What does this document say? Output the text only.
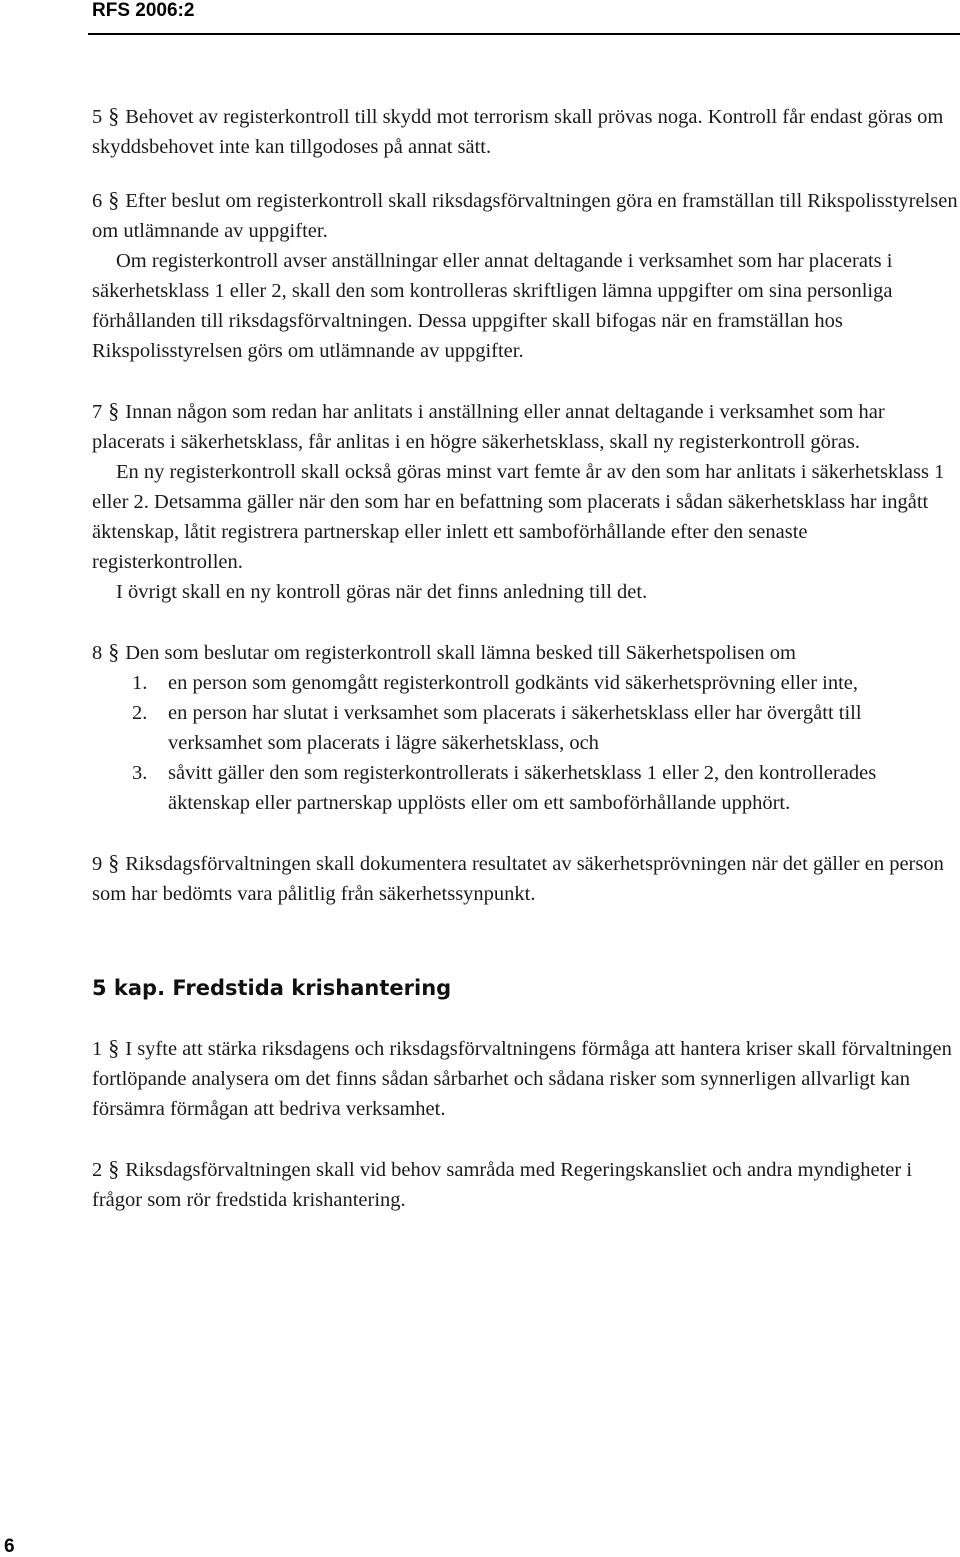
RFS 2006:2

5 § Behovet av registerkontroll till skydd mot terrorism skall prövas noga. Kontroll får endast göras om skyddsbehovet inte kan tillgodoses på annat sätt.

6 § Efter beslut om registerkontroll skall riksdagsförvaltningen göra en framställan till Rikspolisstyrelsen om utlämnande av uppgifter.

Om registerkontroll avser anställningar eller annat deltagande i verksamhet som har placerats i säkerhetsklass 1 eller 2, skall den som kontrolleras skriftligen lämna uppgifter om sina personliga förhållanden till riksdagsförvaltningen. Dessa uppgifter skall bifogas när en framställan hos Rikspolisstyrelsen görs om utlämnande av uppgifter.

7 § Innan någon som redan har anlitats i anställning eller annat deltagande i verksamhet som har placerats i säkerhetsklass, får anlitas i en högre säkerhetsklass, skall ny registerkontroll göras.

En ny registerkontroll skall också göras minst vart femte år av den som har anlitats i säkerhetsklass 1 eller 2. Detsamma gäller när den som har en befattning som placerats i sådan säkerhetsklass har ingått äktenskap, låtit registrera partnerskap eller inlett ett samboförhållande efter den senaste registerkontrollen.

I övrigt skall en ny kontroll göras när det finns anledning till det.

8 § Den som beslutar om registerkontroll skall lämna besked till Säkerhetspolisen om

1. en person som genomgått registerkontroll godkänts vid säkerhetsprövning eller inte,
2. en person har slutat i verksamhet som placerats i säkerhetsklass eller har övergått till verksamhet som placerats i lägre säkerhetsklass, och
3. såvitt gäller den som registerkontrollerats i säkerhetsklass 1 eller 2, den kontrollerades äktenskap eller partnerskap upplösts eller om ett samboförhållande upphört.

9 § Riksdagsförvaltningen skall dokumentera resultatet av säkerhetsprövningen när det gäller en person som har bedömts vara pålitlig från säkerhetssynpunkt.

5 kap. Fredstida krishantering

1 § I syfte att stärka riksdagens och riksdagsförvaltningens förmåga att hantera kriser skall förvaltningen fortlöpande analysera om det finns sådan sårbarhet och sådana risker som synnerligen allvarligt kan försämra förmågan att bedriva verksamhet.

2 § Riksdagsförvaltningen skall vid behov samråda med Regeringskansliet och andra myndigheter i frågor som rör fredstida krishantering.

6
